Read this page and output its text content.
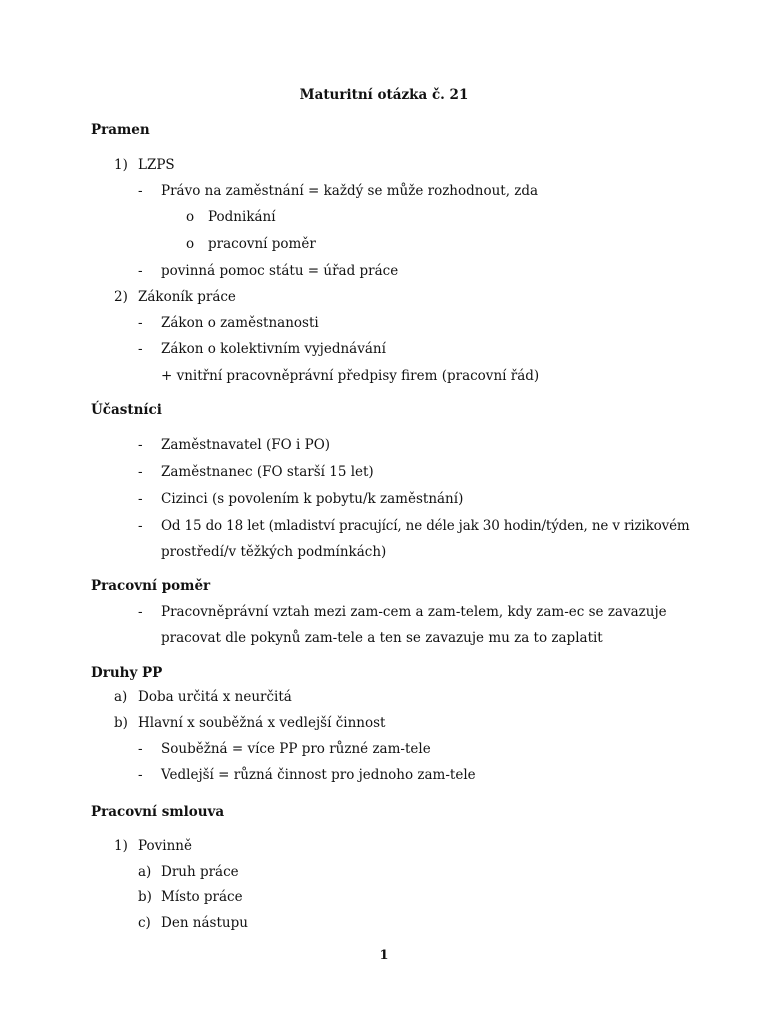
Maturitní otázka č. 21
Pramen
1) LZPS
- Právo na zaměstnání = každý se může rozhodnout, zda
o Podnikání
o pracovní poměr
- povinná pomoc státu = úřad práce
2) Zákoník práce
- Zákon o zaměstnanosti
- Zákon o kolektivním vyjednávání
+ vnitřní pracovněprávní předpisy firem (pracovní řád)
Účastníci
- Zaměstnavatel (FO i PO)
- Zaměstnanec (FO starší 15 let)
- Cizinci (s povolením k pobytu/k zaměstnání)
- Od 15 do 18 let (mladiství pracující, ne déle jak 30 hodin/týden, ne v rizikovém
prostředí/v těžkých podmínkách)
Pracovní poměr
- Pracovněprávní vztah mezi zam-cem a zam-telem, kdy zam-ec se zavazuje
pracovat dle pokynů zam-tele a ten se zavazuje mu za to zaplatit
Druhy PP
a) Doba určitá x neurčitá
b) Hlavní x souběžná x vedlejší činnost
- Souběžná = více PP pro různé zam-tele
- Vedlejší = různá činnost pro jednoho zam-tele
Pracovní smlouva
1) Povinně
a) Druh práce
b) Místo práce
c) Den nástupu
1
